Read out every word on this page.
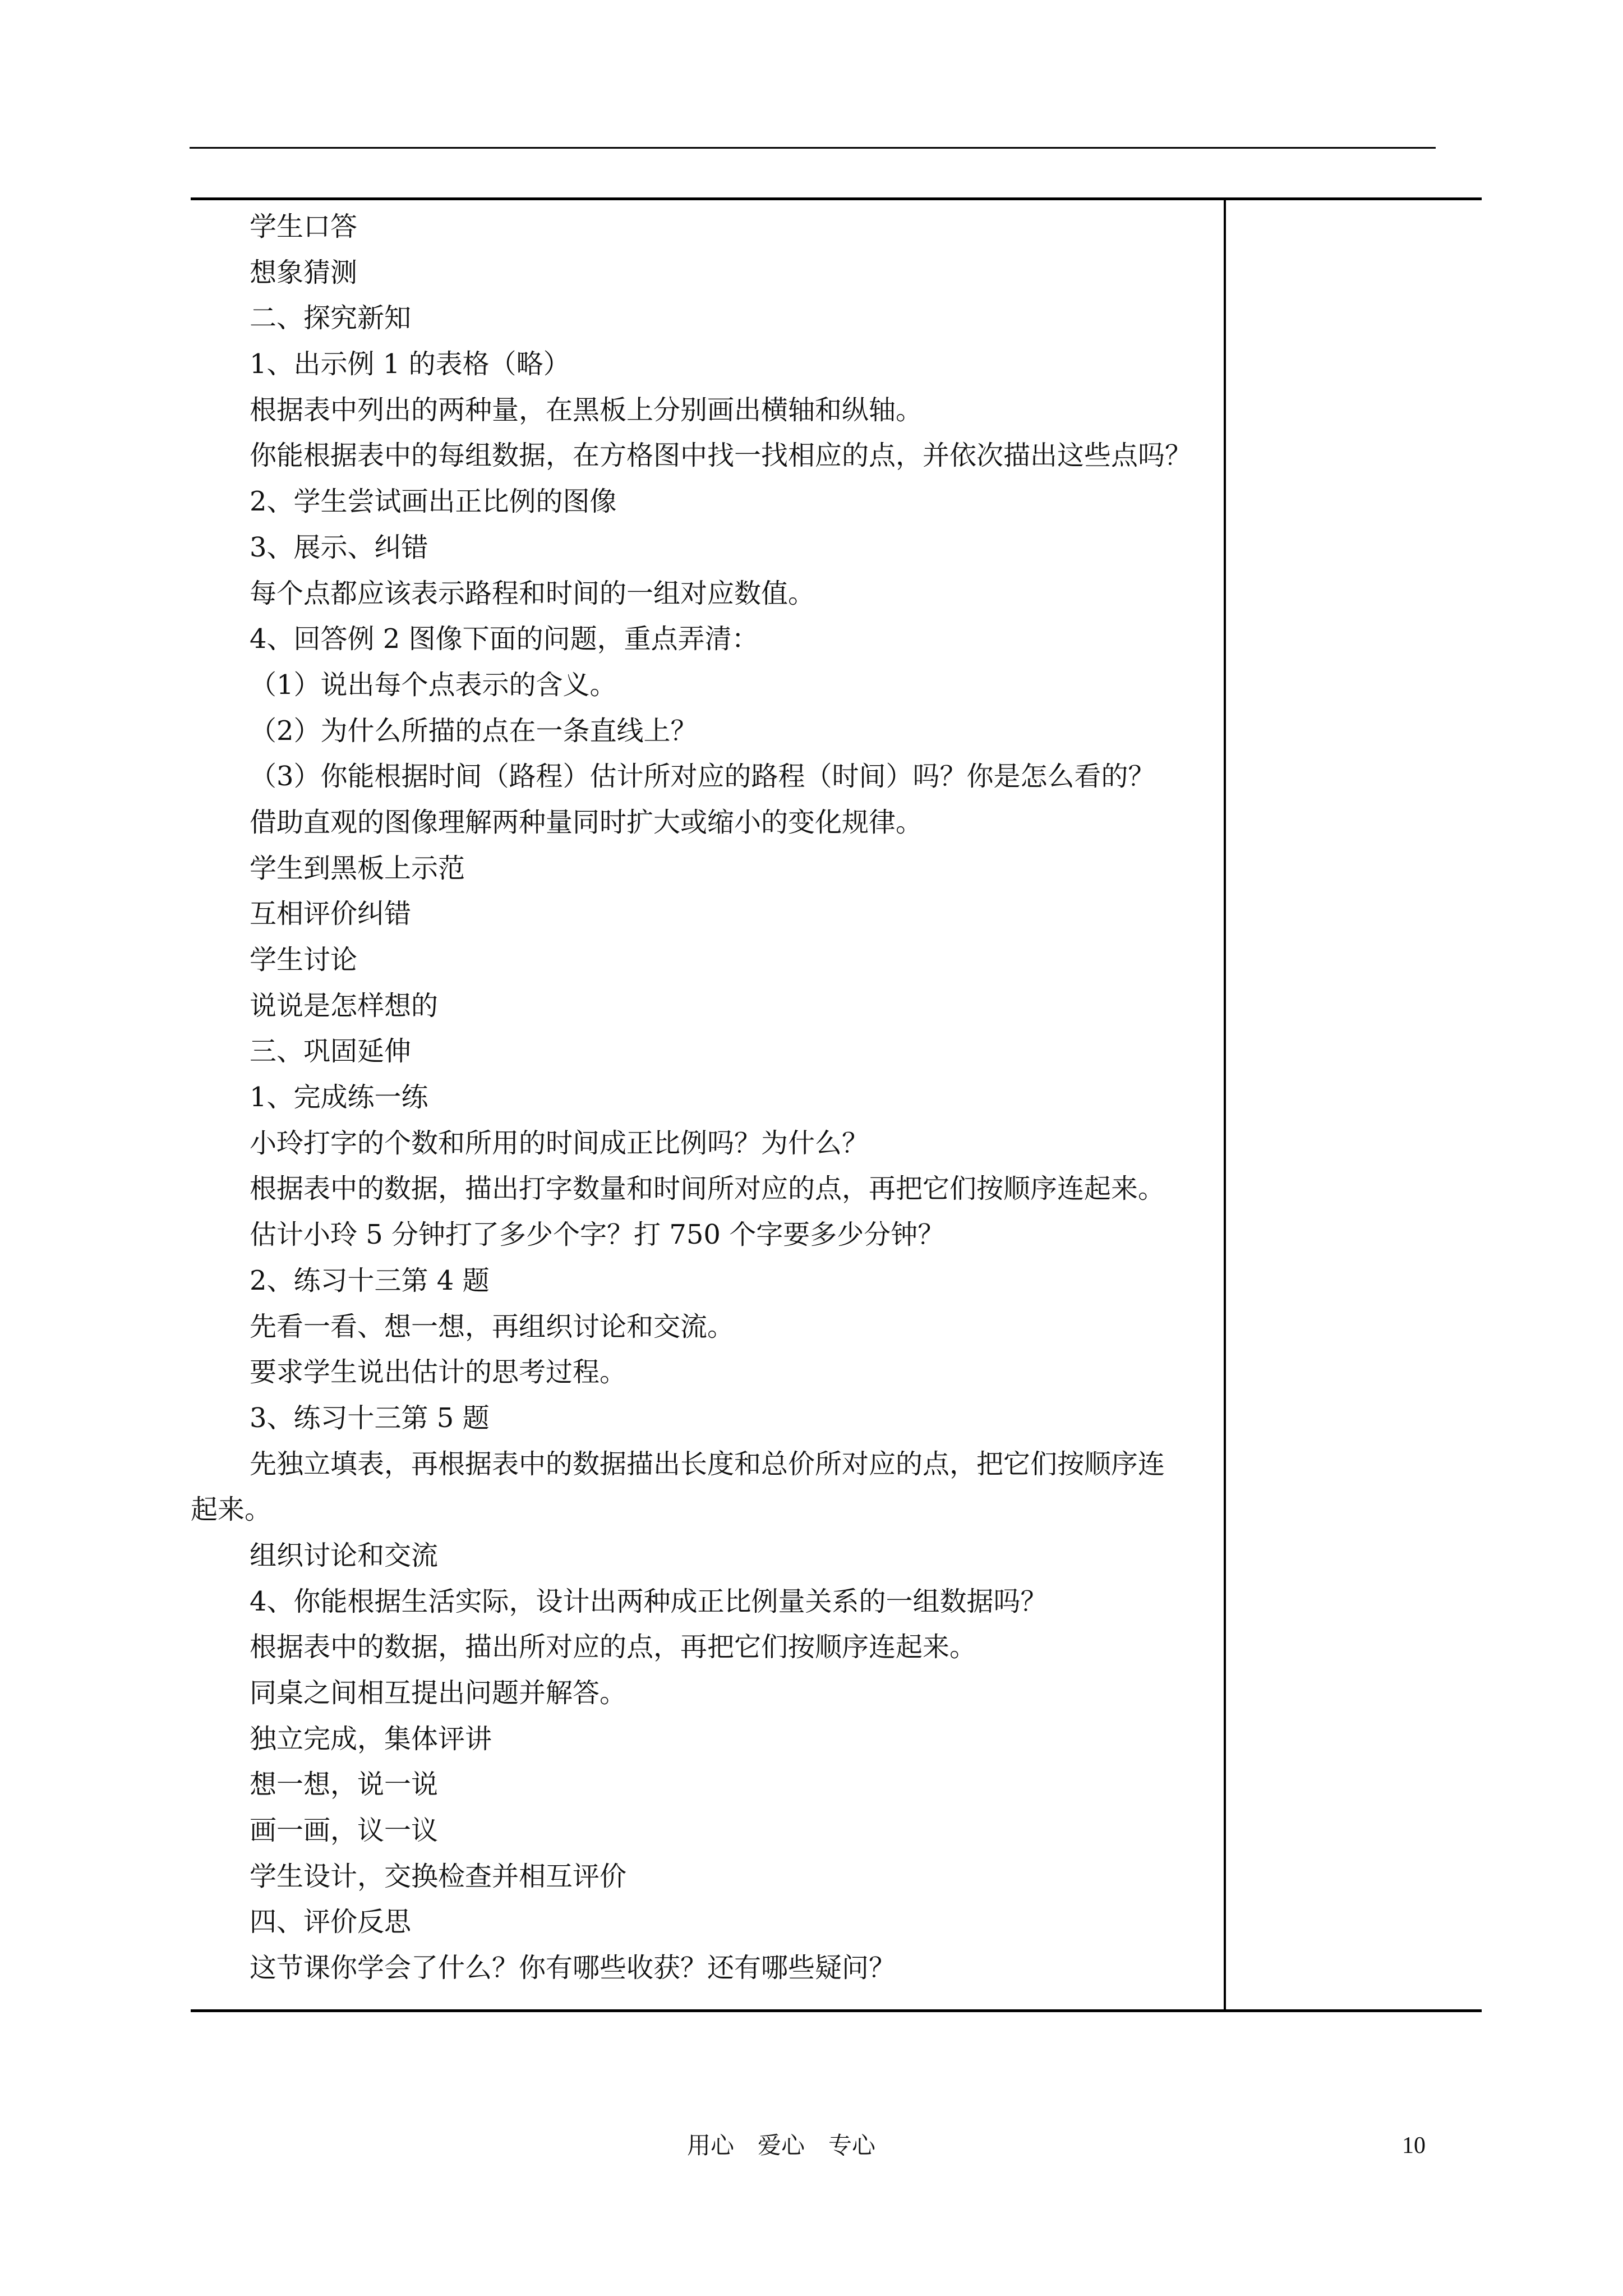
学生口答
想象猜测
二、探究新知
1、出示例 1 的表格（略）
根据表中列出的两种量，在黑板上分别画出横轴和纵轴。
你能根据表中的每组数据，在方格图中找一找相应的点，并依次描出这些点吗？
2、学生尝试画出正比例的图像
3、展示、纠错
每个点都应该表示路程和时间的一组对应数值。
4、回答例 2 图像下面的问题，重点弄清：
（1）说出每个点表示的含义。
（2）为什么所描的点在一条直线上？
（3）你能根据时间（路程）估计所对应的路程（时间）吗？你是怎么看的？
借助直观的图像理解两种量同时扩大或缩小的变化规律。
学生到黑板上示范
互相评价纠错
学生讨论
说说是怎样想的
三、巩固延伸
1、完成练一练
小玲打字的个数和所用的时间成正比例吗？为什么？
根据表中的数据，描出打字数量和时间所对应的点，再把它们按顺序连起来。
估计小玲 5 分钟打了多少个字？打 750 个字要多少分钟？
2、练习十三第 4 题
先看一看、想一想，再组织讨论和交流。
要求学生说出估计的思考过程。
3、练习十三第 5 题
先独立填表，再根据表中的数据描出长度和总价所对应的点，把它们按顺序连
起来。
组织讨论和交流
4、你能根据生活实际，设计出两种成正比例量关系的一组数据吗？
根据表中的数据，描出所对应的点，再把它们按顺序连起来。
同桌之间相互提出问题并解答。
独立完成，集体评讲
想一想，说一说
画一画，议一议
学生设计，交换检查并相互评价
四、评价反思
这节课你学会了什么？你有哪些收获？还有哪些疑问？
用心　爱心　专心	10
